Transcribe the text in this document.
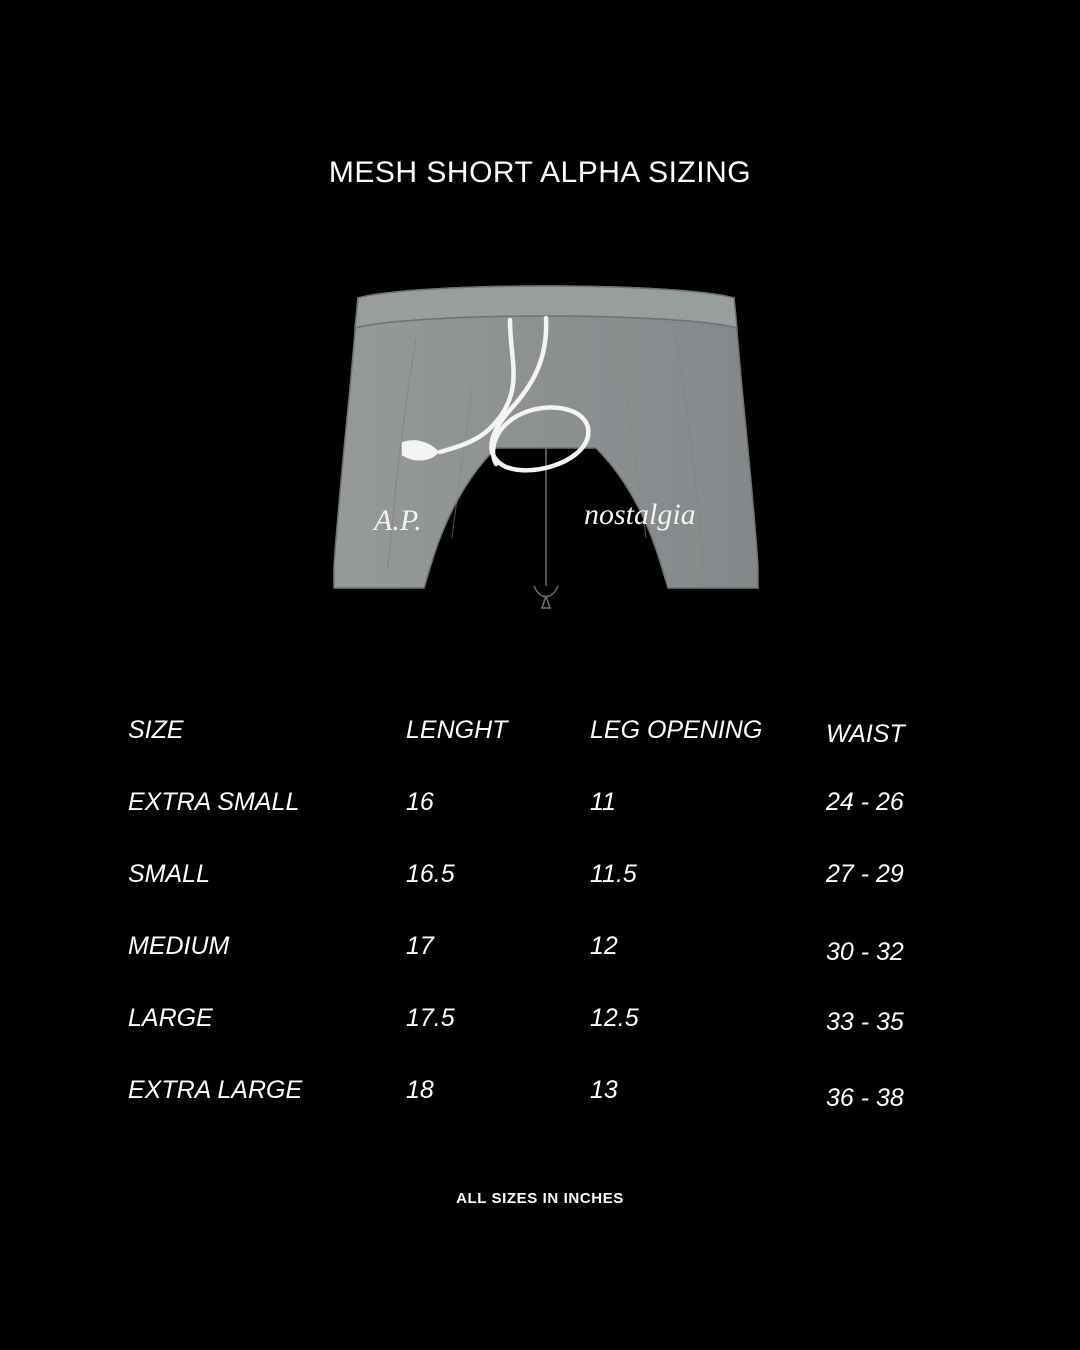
MESH SHORT ALPHA SIZING
A.P.	nostalgia
SIZE	LENGHT	LEG OPENING	WAIST
EXTRA SMALL	16	11	24 - 26
SMALL	16.5	11.5	27 - 29
MEDIUM	17	12	30 - 32
LARGE	17.5	12.5	33 - 35
EXTRA LARGE	18	13	36 - 38
ALL SIZES IN INCHES
